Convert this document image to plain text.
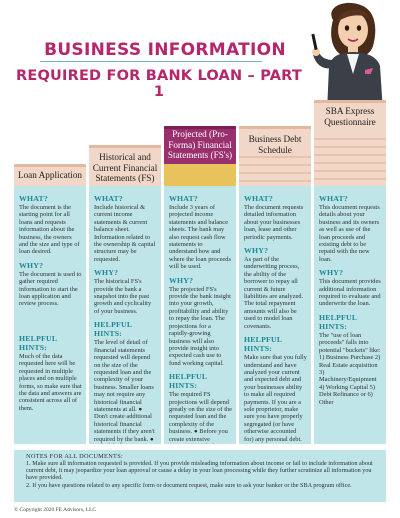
BUSINESS INFORMATION
REQUIRED FOR BANK LOAN – PART 1
Loan Application
Historical and Current Financial Statements (FS)
Projected (Pro-Forma) Financial Statements (FS's)
Business Debt Schedule
SBA Express Questionnaire
WHAT?

The document is the starting point for all loans and requests information about the business, the owners and the size and type of loan desired.

WHY?

The document is used to gather required information to start the loan application and review process.

HELPFUL HINTS:

Much of the data requested here will be requested in multiple places and on multiple forms, so make sure that the data and answers are consistent across all of them.

WHAT?

Include historical & current income statements & current balance sheet. Information related to the ownership & capital structure may be requested.

WHY?

The historical FS's provide the bank a snapshot into the past growth and cyclicality of your business.

HELPFUL HINTS:

The level of detail of financial statements requested will depend on the size of the requested loan and the complexity of your business. Smaller loans may not require any historical financial statements at all. ● Don't create additional historical financial statements if they aren't required by the bank. ●

WHAT?

Include 3 years of projected income statements and balance sheets. The bank may also request cash flow statements to understand how and where the loan proceeds will be used.

WHY?

The projected FS's provide the bank insight into your growth, profitability and ability to repay the loan. The projections for a rapidly-growing business will also provide insight into expected cash use to fund working capital.

HELPFUL HINTS:

The required FS projections will depend greatly on the size of the requested loan and the complexity of the business. ● Before you create extensive

WHAT?

The document requests detailed information about your businesses loan, lease and other periodic payments.

WHY?

As part of the underwriting process, the ability of the borrower to repay all current & future liabilities are analyzed. The total repayment amounts will also be used to model loan covenants.

HELPFUL HINTS:

Make sure that you fully understand and have analyzed your current and expected debt and your businesses ability to make all required payments. If you are a sole proprietor, make sure you have properly segregated (or have otherwise accounted for) any personal debt.

WHAT?

This document requests details about your business and its owners as well as use of the loan proceeds and existing debt to be repaid with the new loan.

WHY?

This document provides additional information required to evaluate and underwrite the loan.

HELPFUL HINTS:

The "use of loan proceeds" falls into potential "buckets" like: 1) Business Purchase 2) Real Estate acquisition 3) Machinery/Equipment 4) Working Capital 5) Debt Refinance or 6) Other

NOTES FOR ALL DOCUMENTS:

1. Make sure all information requested is provided. If you provide misleading information about income or fail to include information about current debt, it may jeopardize your loan approval or cause a delay in your loan processing while they further scrutinize all information you have provided.

2. If you have questions related to any specific form or document request, make sure to ask your banker or the SBA program office.

© Copyright 2020 FE Advisors, LLC
